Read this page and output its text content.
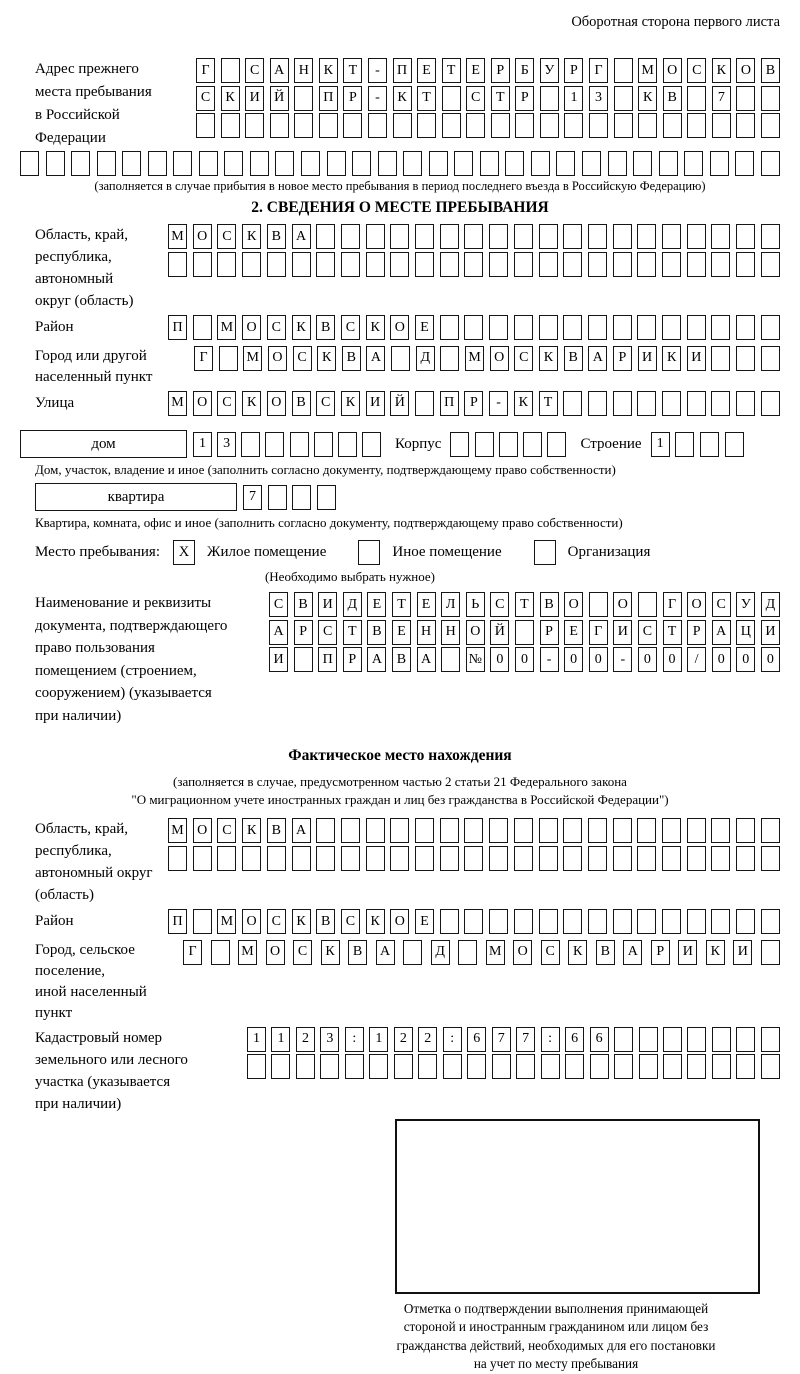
Оборотная сторона первого листа
Адрес прежнего
места пребывания
в Российской
Федерации
Г	С	А	Н	К	Т	-	П	Е	Т	Е	Р	Б	У	Р	Г	М О	С	К	О	В
С	К	И	Й	П	Р	-	К	Т	С	Т	Р	1	3	К	В	7
(заполняется в случае прибытия в новое место пребывания в период последнего въезда в Российскую Федерацию)
2. СВЕДЕНИЯ О МЕСТЕ ПРЕБЫВАНИЯ
Область, край,
республика,
автономный
округ (область)
М О	С	К	В	А
Район	П	М О	С	К	В	С	К	О	Е
Город или другой
населенный пункт
Г	М О	С	К	В	А	Д	М О	С	К	В	А	Р	И	К	И
Улица	М О	С	К	О	В	С	К	И	Й	П	Р	-	К	Т
дом	1	3	Корпус	Строение	1
Дом, участок, владение и иное (заполнить согласно документу, подтверждающему право собственности)
квартира	7
Квартира, комната, офис и иное (заполнить согласно документу, подтверждающему право собственности)
Место пребывания:	X	Жилое помещение	Иное помещение	Организация
(Необходимо выбрать нужное)
Наименование и реквизиты
документа, подтверждающего
право пользования
помещением (строением,
сооружением) (указывается
при наличии)
С	В	И	Д	Е	Т	Е	Л	Ь	С	Т	В	О	О	Г	О	С	У	Д
А	Р	С	Т	В	Е	Н	Н	О	Й	Р	Е	Г	И	С	Т	Р	А	Ц	И
И	П	Р	А	В	А	№	0	0	-	0	0	-	0	0	/	0	0	0
Фактическое место нахождения
(заполняется в случае, предусмотренном частью 2 статьи 21 Федерального закона
"О миграционном учете иностранных граждан и лиц без гражданства в Российской Федерации")
Область, край,
республика,
автономный округ
(область)
М О	С	К	В	А
Район	П	М О	С	К	В	С	К	О	Е
Город, сельское поселение,
иной населенный пункт
Г	М	О	С	К	В	А	Д	М	О	С	К	В	А	Р	И	К	И
Кадастровый номер
земельного или лесного
участка (указывается
при наличии)
1	1	2	3	:	1	2	2	:	6	7	7	:	6	6
Отметка о подтверждении выполнения принимающей
стороной и иностранным гражданином или лицом без
гражданства действий, необходимых для его постановки
на учет по месту пребывания
